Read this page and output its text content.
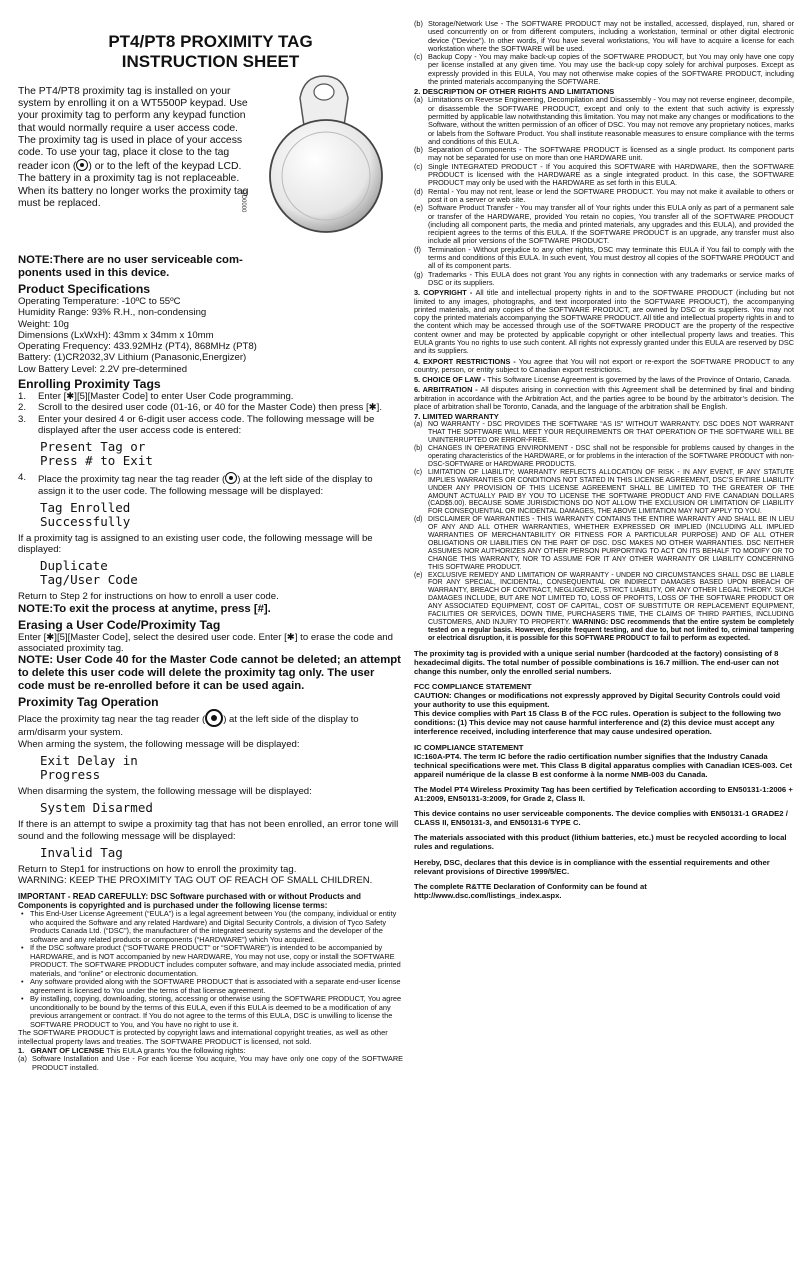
PT4/PT8 PROXIMITY TAG
INSTRUCTION SHEET
The PT4/PT8 proximity tag is installed on your
system by enrolling it on a WT5500P keypad. Use
your proximity tag to perform any keypad function
that would normally require a user access code.
The proximity tag is used in place of your access
code. To use your tag, place it close to the tag
reader icon ( ) or to the left of the keypad LCD.
The battery in a proximity tag is not replaceable.
When its battery no longer works the proximity tag
must be replaced.	DO0000
NOTE:There are no user serviceable com-
ponents used in this device.
Product Specifications
Operating Temperature: -10ºC to 55ºC
Humidity Range: 93% R.H., non-condensing
Weight: 10g
Dimensions (LxWxH): 43mm x 34mm x 10mm
Operating Frequency: 433.92MHz (PT4), 868MHz (PT8)
Battery: (1)CR2032,3V Lithium (Panasonic,Energizer)
Low Battery Level: 2.2V pre-determined
Enrolling Proximity Tags
1. Enter [✱][5][Master Code] to enter User Code programming.
2. Scroll to the desired user code (01-16, or 40 for the Master Code) then press [✱].
3. Enter your desired 4 or 6-digit user access code. The following message will be displayed after the user access code is entered:
Present Tag or
Press # to Exit
4. Place the proximity tag near the tag reader ( ) at the left side of the display to assign it to the user code. The following message will be displayed:
Tag Enrolled
Successfully
If a proximity tag is assigned to an existing user code, the following message will be displayed:
Duplicate
Tag/User Code
Return to Step 2 for instructions on how to enroll a user code.
NOTE:To exit the process at anytime, press [#].
Erasing a User Code/Proximity Tag
Enter [✱][5][Master Code], select the desired user code. Enter [✱] to erase the code and associated proximity tag.
NOTE: User Code 40 for the Master Code cannot be deleted; an attempt to delete this user code will delete the proximity tag only. The user code must be re-enrolled before it can be used again.
Proximity Tag Operation
Place the proximity tag near the tag reader ( ) at the left side of the display to arm/disarm your system.
When arming the system, the following message will be displayed:
Exit Delay in
Progress
When disarming the system, the following message will be displayed:
System Disarmed
If there is an attempt to swipe a proximity tag that has not been enrolled, an error tone will sound and the following message will be displayed:
Invalid Tag
Return to Step1 for instructions on how to enroll the proximity tag.
WARNING: KEEP THE PROXIMITY TAG OUT OF REACH OF SMALL CHILDREN.
IMPORTANT - READ CAREFULLY: DSC Software purchased with or without Products and Components is copyrighted and is purchased under the following license terms:
• This End-User License Agreement (“EULA”) is a legal agreement between You (the company, individual or entity who acquired the Software and any related Hardware) and Digital Security Controls, a division of Tyco Safety Products Canada Ltd. (“DSC”), the manufacturer of the integrated security systems and the developer of the software and any related products or components (“HARDWARE”) which You acquired.
• If the DSC software product (“SOFTWARE PRODUCT” or “SOFTWARE”) is intended to be accompanied by HARDWARE, and is NOT accompanied by new HARDWARE, You may not use, copy or install the SOFTWARE PRODUCT. The SOFTWARE PRODUCT includes computer software, and may include associated media, printed materials, and “online” or electronic documentation.
• Any software provided along with the SOFTWARE PRODUCT that is associated with a separate end-user license agreement is licensed to You under the terms of that license agreement.
• By installing, copying, downloading, storing, accessing or otherwise using the SOFTWARE PRODUCT, You agree unconditionally to be bound by the terms of this EULA, even if this EULA is deemed to be a modification of any previous arrangement or contract. If You do not agree to the terms of this EULA, DSC is unwilling to license the SOFTWARE PRODUCT to You, and You have no right to use it.
The SOFTWARE PRODUCT is protected by copyright laws and international copyright treaties, as well as other intellectual property laws and treaties. The SOFTWARE PRODUCT is licensed, not sold.
1. GRANT OF LICENSE This EULA grants You the following rights:
(a) Software Installation and Use - For each license You acquire, You may have only one copy of the SOFTWARE PRODUCT installed.
(b) Storage/Network Use - The SOFTWARE PRODUCT may not be installed, accessed, displayed, run, shared or used concurrently on or from different computers, including a workstation, terminal or other digital electronic device (“Device”). In other words, if You have several workstations, You will have to acquire a license for each workstation where the SOFTWARE will be used.
(c) Backup Copy - You may make back-up copies of the SOFTWARE PRODUCT, but You may only have one copy per license installed at any given time. You may use the back-up copy solely for archival purposes. Except as expressly provided in this EULA, You may not otherwise make copies of the SOFTWARE PRODUCT, including the printed materials accompanying the SOFTWARE.
2. DESCRIPTION OF OTHER RIGHTS AND LIMITATIONS
(a) Limitations on Reverse Engineering, Decompilation and Disassembly - You may not reverse engineer, decompile, or disassemble the SOFTWARE PRODUCT, except and only to the extent that such activity is expressly permitted by applicable law notwithstanding this limitation. You may not make any changes or modifications to the Software, without the written permission of an officer of DSC. You may not remove any proprietary notices, marks or labels from the Software Product. You shall institute reasonable measures to ensure compliance with the terms and conditions of this EULA.
(b) Separation of Components - The SOFTWARE PRODUCT is licensed as a single product. Its component parts may not be separated for use on more than one HARDWARE unit.
(c) Single INTEGRATED PRODUCT - If You acquired this SOFTWARE with HARDWARE, then the SOFTWARE PRODUCT is licensed with the HARDWARE as a single integrated product. In this case, the SOFTWARE PRODUCT may only be used with the HARDWARE as set forth in this EULA.
(d) Rental - You may not rent, lease or lend the SOFTWARE PRODUCT. You may not make it available to others or post it on a server or web site.
(e) Software Product Transfer - You may transfer all of Your rights under this EULA only as part of a permanent sale or transfer of the HARDWARE, provided You retain no copies, You transfer all of the SOFTWARE PRODUCT (including all component parts, the media and printed materials, any upgrades and this EULA), and provided the recipient agrees to the terms of this EULA. If the SOFTWARE PRODUCT is an upgrade, any transfer must also include all prior versions of the SOFTWARE PRODUCT.
(f) Termination - Without prejudice to any other rights, DSC may terminate this EULA if You fail to comply with the terms and conditions of this EULA. In such event, You must destroy all copies of the SOFTWARE PRODUCT and all of its component parts.
(g) Trademarks - This EULA does not grant You any rights in connection with any trademarks or service marks of DSC or its suppliers.
3. COPYRIGHT - All title and intellectual property rights in and to the SOFTWARE PRODUCT (including but not limited to any images, photographs, and text incorporated into the SOFTWARE PRODUCT), the accompanying printed materials, and any copies of the SOFTWARE PRODUCT, are owned by DSC or its suppliers. You may not copy the printed materials accompanying the SOFTWARE PRODUCT. All title and intellectual property rights in and to the content which may be accessed through use of the SOFTWARE PRODUCT are the property of the respective content owner and may be protected by applicable copyright or other intellectual property laws and treaties. This EULA grants You no rights to use such content. All rights not expressly granted under this EULA are reserved by DSC and its suppliers.
4. EXPORT RESTRICTIONS - You agree that You will not export or re-export the SOFTWARE PRODUCT to any country, person, or entity subject to Canadian export restrictions.
5. CHOICE OF LAW - This Software License Agreement is governed by the laws of the Province of Ontario, Canada.
6. ARBITRATION - All disputes arising in connection with this Agreement shall be determined by final and binding arbitration in accordance with the Arbitration Act, and the parties agree to be bound by the arbitrator’s decision. The place of arbitration shall be Toronto, Canada, and the language of the arbitration shall be English.
7. LIMITED WARRANTY
(a) NO WARRANTY - DSC PROVIDES THE SOFTWARE “AS IS” WITHOUT WARRANTY. DSC DOES NOT WARRANT THAT THE SOFTWARE WILL MEET YOUR REQUIREMENTS OR THAT OPERATION OF THE SOFTWARE WILL BE UNINTERRUPTED OR ERROR-FREE.
(b) CHANGES IN OPERATING ENVIRONMENT - DSC shall not be responsible for problems caused by changes in the operating characteristics of the HARDWARE, or for problems in the interaction of the SOFTWARE PRODUCT with non-DSC-SOFTWARE or HARDWARE PRODUCTS.
(c) LIMITATION OF LIABILITY; WARRANTY REFLECTS ALLOCATION OF RISK - IN ANY EVENT, IF ANY STATUTE IMPLIES WARRANTIES OR CONDITIONS NOT STATED IN THIS LICENSE AGREEMENT, DSC’S ENTIRE LIABILITY UNDER ANY PROVISION OF THIS LICENSE AGREEMENT SHALL BE LIMITED TO THE GREATER OF THE AMOUNT ACTUALLY PAID BY YOU TO LICENSE THE SOFTWARE PRODUCT AND FIVE CANADIAN DOLLARS (CAD$5.00). BECAUSE SOME JURISDICTIONS DO NOT ALLOW THE EXCLUSION OR LIMITATION OF LIABILITY FOR CONSEQUENTIAL OR INCIDENTAL DAMAGES, THE ABOVE LIMITATION MAY NOT APPLY TO YOU.
(d) DISCLAIMER OF WARRANTIES - THIS WARRANTY CONTAINS THE ENTIRE WARRANTY AND SHALL BE IN LIEU OF ANY AND ALL OTHER WARRANTIES, WHETHER EXPRESSED OR IMPLIED (INCLUDING ALL IMPLIED WARRANTIES OF MERCHANTABILITY OR FITNESS FOR A PARTICULAR PURPOSE) AND OF ALL OTHER OBLIGATIONS OR LIABILITIES ON THE PART OF DSC. DSC MAKES NO OTHER WARRANTIES. DSC NEITHER ASSUMES NOR AUTHORIZES ANY OTHER PERSON PURPORTING TO ACT ON ITS BEHALF TO MODIFY OR TO CHANGE THIS WARRANTY, NOR TO ASSUME FOR IT ANY OTHER WARRANTY OR LIABILITY CONCERNING THIS SOFTWARE PRODUCT.
(e) EXCLUSIVE REMEDY AND LIMITATION OF WARRANTY - UNDER NO CIRCUMSTANCES SHALL DSC BE LIABLE FOR ANY SPECIAL, INCIDENTAL, CONSEQUENTIAL OR INDIRECT DAMAGES BASED UPON BREACH OF WARRANTY, BREACH OF CONTRACT, NEGLIGENCE, STRICT LIABILITY, OR ANY OTHER LEGAL THEORY. SUCH DAMAGES INCLUDE, BUT ARE NOT LIMITED TO, LOSS OF PROFITS, LOSS OF THE SOFTWARE PRODUCT OR ANY ASSOCIATED EQUIPMENT, COST OF CAPITAL, COST OF SUBSTITUTE OR REPLACEMENT EQUIPMENT, FACILITIES OR SERVICES, DOWN TIME, PURCHASERS TIME, THE CLAIMS OF THIRD PARTIES, INCLUDING CUSTOMERS, AND INJURY TO PROPERTY. WARNING: DSC recommends that the entire system be completely tested on a regular basis. However, despite frequent testing, and due to, but not limited to, criminal tampering or electrical disruption, it is possible for this SOFTWARE PRODUCT to fail to perform as expected.
The proximity tag is provided with a unique serial number (hardcoded at the factory) consisting of 8 hexadecimal digits. The total number of possible combinations is 16.7 million. The end-user can not change this number, only the enrolled serial numbers.
FCC COMPLIANCE STATEMENT
CAUTION: Changes or modifications not expressly approved by Digital Security Controls could void your authority to use this equipment.
This device complies with Part 15 Class B of the FCC rules. Operation is subject to the following two conditions: (1) This device may not cause harmful interference and (2) this device must accept any interference received, including interference that may cause undesired operation.
IC COMPLIANCE STATEMENT
IC:160A-PT4. The term IC before the radio certification number signifies that the Industry Canada technical specifications were met. This Class B digital apparatus complies with Canadian ICES-003. Cet appareil numérique de la classe B est conforme à la norme NMB-003 du Canada.
The Model PT4 Wireless Proximity Tag has been certified by Telefication according to EN50131-1:2006 + A1:2009, EN50131-3:2009, for Grade 2, Class II.
This device contains no user serviceable components. The device complies with EN50131-1 GRADE2 / CLASS II, EN50131-3, and EN50131-6 TYPE C.
The materials associated with this product (lithium batteries, etc.) must be recycled according to local rules and regulations.
Hereby, DSC, declares that this device is in compliance with the essential requirements and other relevant provisions of Directive 1999/5/EC.
The complete R&TTE Declaration of Conformity can be found at http://www.dsc.com/listings_index.aspx.
